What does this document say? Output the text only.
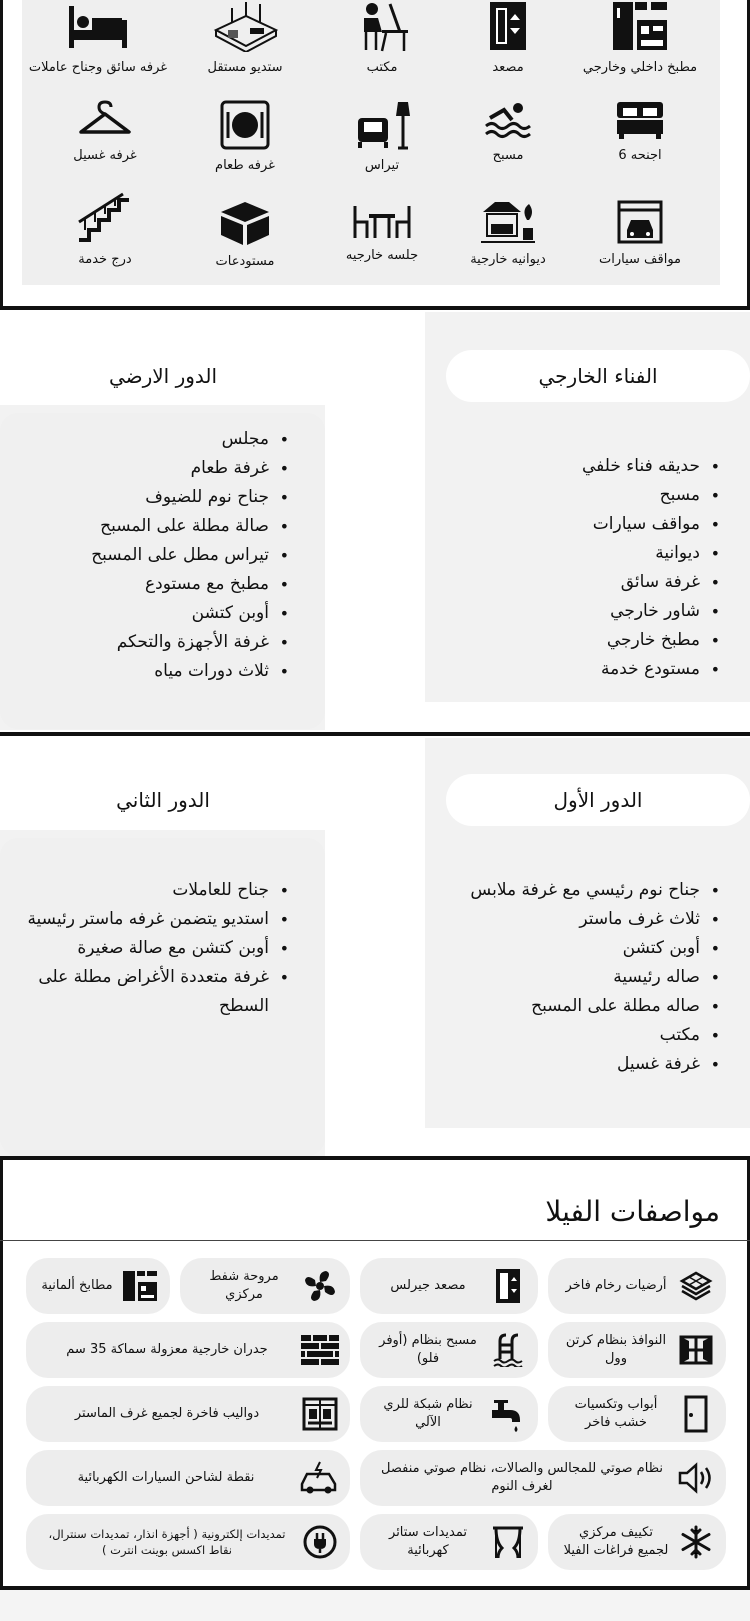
مطبخ داخلي وخارجي
مصعد
مكتب
ستديو مستقل
غرفه سائق وجناح عاملات
اجنحه 6
مسبح
تيراس
غرفه طعام
غرفه غسيل
مواقف سيارات
ديوانيه خارجية
جلسه خارجيه
مستودعات
درج خدمة
الفناء الخارجي
الدور الارضي
• حديقه فناء خلفي
• مسبح
• مواقف سيارات
• ديوانية
• غرفة سائق
• شاور خارجي
• مطبخ خارجي
• مستودع خدمة
• مجلس
• غرفة طعام
• جناح نوم للضيوف
• صالة مطلة على المسبح
• تيراس مطل على المسبح
• مطبخ مع مستودع
• أوبن كتشن
• غرفة الأجهزة والتحكم
• ثلاث دورات مياه
الدور الأول
الدور الثاني
• جناح نوم رئيسي مع غرفة ملابس
• ثلاث غرف ماستر
• أوبن كتشن
• صاله رئيسية
• صاله مطلة على المسبح
• مكتب
• غرفة غسيل
• جناح للعاملات
• استديو يتضمن غرفه ماستر رئيسية
• أوبن كتشن مع صالة صغيرة
• غرفة متعددة الأغراض مطلة على السطح
مواصفات الفيلا
أرضيات رخام فاخر
مصعد جيرلس
مروحة شفط مركزي
مطابخ ألمانية
النوافذ بنظام كرتن وول
مسبح بنظام (أوفر فلو)
جدران خارجية معزولة سماكة 35 سم
أبواب وتكسيات خشب فاخر
نظام شبكة للري الآلي
دواليب فاخرة لجميع غرف الماستر
نظام صوتي للمجالس والصالات، نظام صوتي منفصل لغرف النوم
نقطة لشاحن السيارات الكهربائية
تكييف مركزي لجميع فراغات الفيلا
تمديدات ستائر كهربائية
تمديدات إلكترونية ( أجهزة انذار، تمديدات سنترال، نقاط اكسس بوينت انترت )
